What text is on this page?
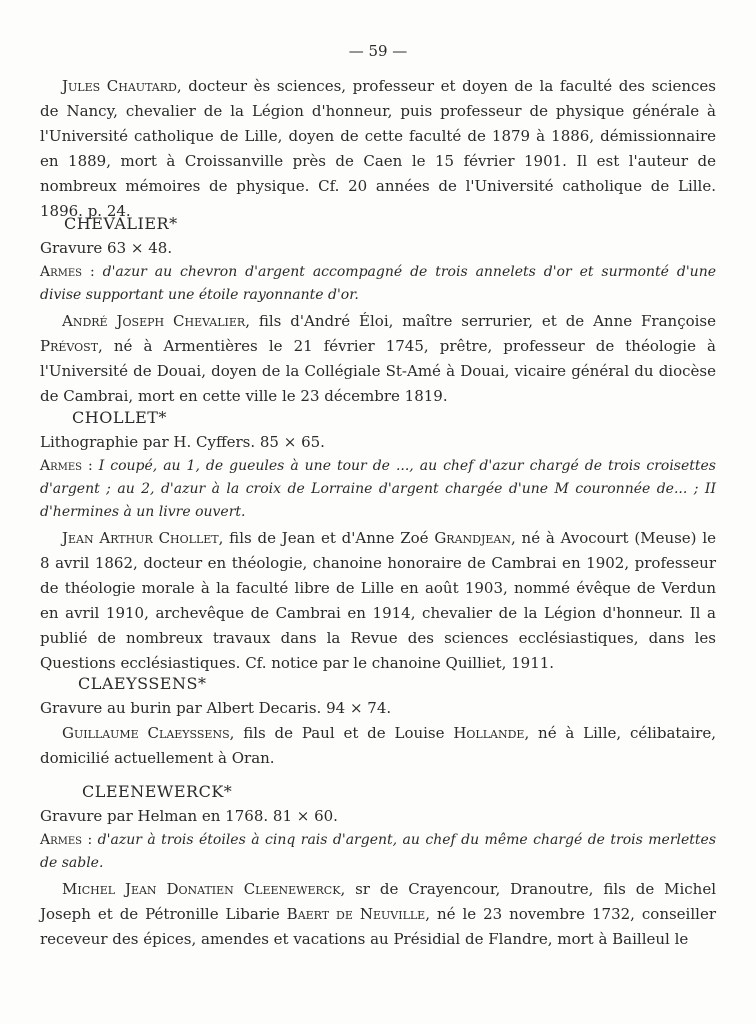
— 59 —

Jules Chautard, docteur ès sciences, professeur et doyen de la faculté des sciences de Nancy, chevalier de la Légion d'honneur, puis professeur de physique générale à l'Université catholique de Lille, doyen de cette faculté de 1879 à 1886, démissionnaire en 1889, mort à Croissanville près de Caen le 15 février 1901. Il est l'auteur de nombreux mémoires de physique. Cf. 20 années de l'Université catholique de Lille. 1896. p. 24.

CHEVALIER*
Gravure 63 × 48.

Armes : d'azur au chevron d'argent accompagné de trois annelets d'or et surmonté d'une divise supportant une étoile rayonnante d'or.

André Joseph Chevalier, fils d'André Éloi, maître serrurier, et de Anne Françoise Prévost, né à Armentières le 21 février 1745, prêtre, professeur de théologie à l'Université de Douai, doyen de la Collégiale St-Amé à Douai, vicaire général du diocèse de Cambrai, mort en cette ville le 23 décembre 1819.

CHOLLET*
Lithographie par H. Cyffers. 85 × 65.

Armes : I coupé, au 1, de gueules à une tour de ..., au chef d'azur chargé de trois croisettes d'argent ; au 2, d'azur à la croix de Lorraine d'argent chargée d'une M couronnée de... ; II d'hermines à un livre ouvert.

Jean Arthur Chollet, fils de Jean et d'Anne Zoé Grandjean, né à Avocourt (Meuse) le 8 avril 1862, docteur en théologie, chanoine honoraire de Cambrai en 1902, professeur de théologie morale à la faculté libre de Lille en août 1903, nommé évêque de Verdun en avril 1910, archevêque de Cambrai en 1914, chevalier de la Légion d'honneur. Il a publié de nombreux travaux dans la Revue des sciences ecclésiastiques, dans les Questions ecclésiastiques. Cf. notice par le chanoine Quilliet, 1911.

CLAEYSSENS*
Gravure au burin par Albert Decaris. 94 × 74.

Guillaume Claeyssens, fils de Paul et de Louise Hollande, né à Lille, célibataire, domicilié actuellement à Oran.

CLEENEWERCK*
Gravure par Helman en 1768. 81 × 60.

Armes : d'azur à trois étoiles à cinq rais d'argent, au chef du même chargé de trois merlettes de sable.

Michel Jean Donatien Cleenewerck, sr de Crayencour, Dranoutre, fils de Michel Joseph et de Pétronille Libarie Baert de Neuville, né le 23 novembre 1732, conseiller receveur des épices, amendes et vacations au Présidial de Flandre, mort à Bailleul le
